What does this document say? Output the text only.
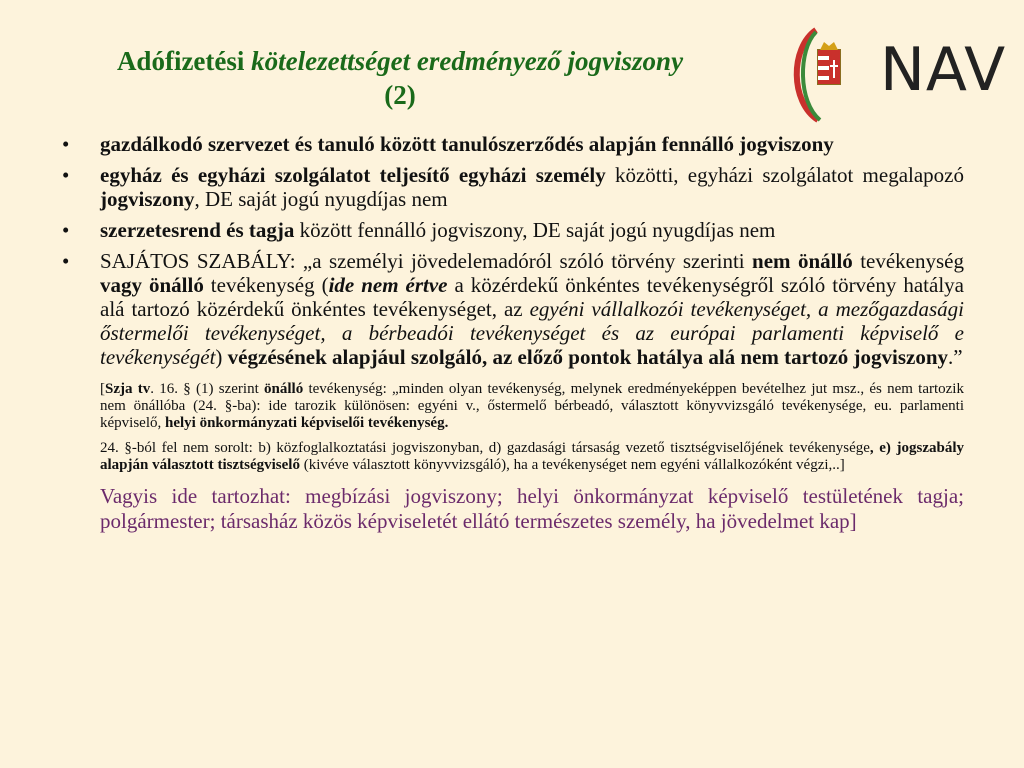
Adófizetési kötelezettséget eredményező jogviszony (2)	NAV
• gazdálkodó szervezet és tanuló között tanulószerződés alapján fennálló jogviszony
• egyház és egyházi szolgálatot teljesítő egyházi személy közötti, egyházi szolgálatot megalapozó jogviszony, DE saját jogú nyugdíjas nem
• szerzetesrend és tagja között fennálló jogviszony, DE saját jogú nyugdíjas nem
• SAJÁTOS SZABÁLY: „a személyi jövedelemadóról szóló törvény szerinti nem önálló tevékenység vagy önálló tevékenység (ide nem értve a közérdekű önkéntes tevékenységről szóló törvény hatálya alá tartozó közérdekű önkéntes tevékenységet, az egyéni vállalkozói tevékenységet, a mezőgazdasági őstermelői tevékenységet, a bérbeadói tevékenységet és az európai parlamenti képviselő e tevékenységét) végzésének alapjául szolgáló, az előző pontok hatálya alá nem tartozó jogviszony.”
[Szja tv. 16. § (1) szerint önálló tevékenység: „minden olyan tevékenység, melynek eredményeképpen bevételhez jut msz., és nem tartozik nem önállóba (24. §-ba): ide tarozik különösen: egyéni v., őstermelő bérbeadó, választott könyvvizsgáló tevékenysége, eu. parlamenti képviselő, helyi önkormányzati képviselői tevékenység.
24. §-ból fel nem sorolt: b) közfoglalkoztatási jogviszonyban, d) gazdasági társaság vezető tisztségviselőjének tevékenysége, e) jogszabály alapján választott tisztségviselő (kivéve választott könyvvizsgáló), ha a tevékenységet nem egyéni vállalkozóként végzi,..]
Vagyis ide tartozhat: megbízási jogviszony; helyi önkormányzat képviselő testületének tagja; polgármester; társasház közös képviseletét ellátó természetes személy, ha jövedelmet kap]
